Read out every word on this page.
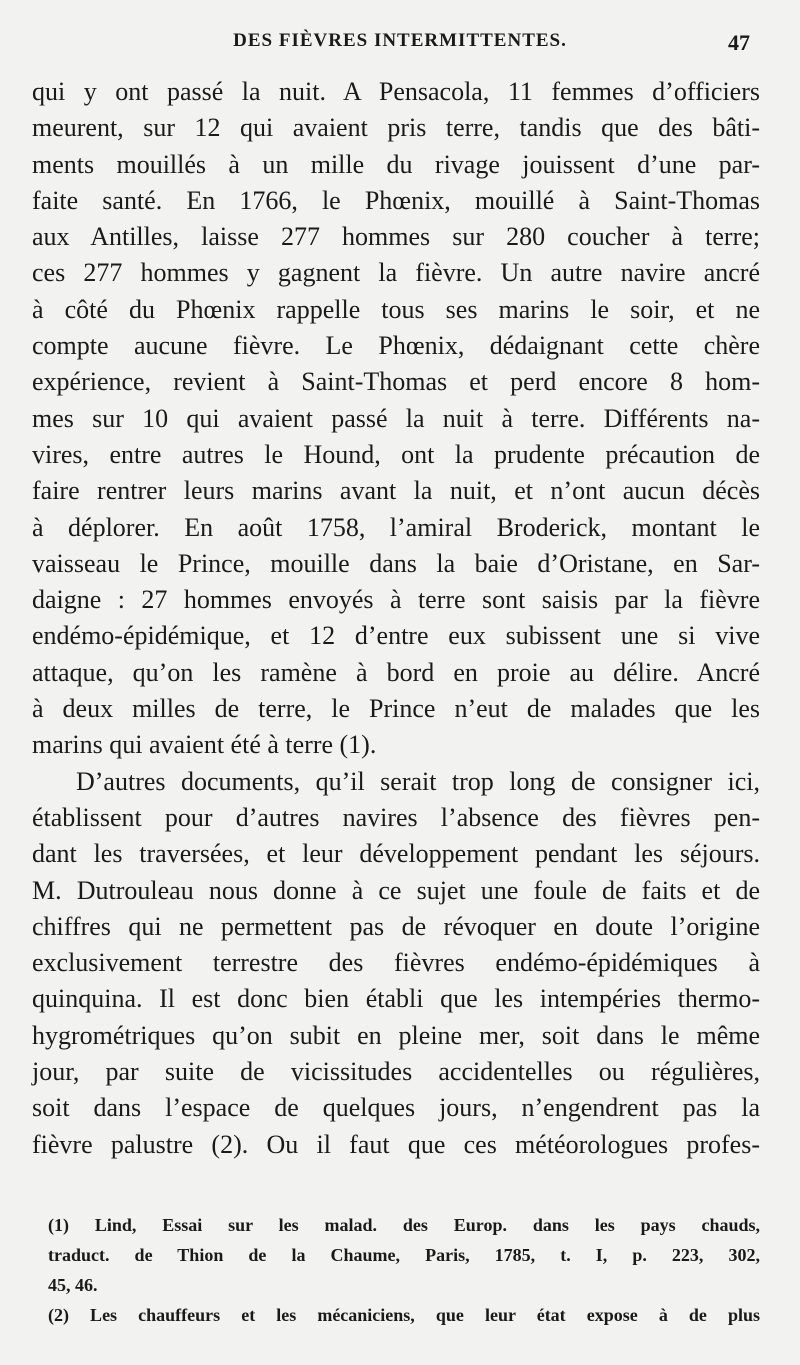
DES FIÈVRES INTERMITTENTES.	47
qui y ont passé la nuit. A Pensacola, 11 femmes d’officiers
meurent, sur 12 qui avaient pris terre, tandis que des bâti-
ments mouillés à un mille du rivage jouissent d’une par-
faite santé. En 1766, le Phœnix, mouillé à Saint-Thomas
aux Antilles, laisse 277 hommes sur 280 coucher à terre;
ces 277 hommes y gagnent la fièvre. Un autre navire ancré
à côté du Phœnix rappelle tous ses marins le soir, et ne
compte aucune fièvre. Le Phœnix, dédaignant cette chère
expérience, revient à Saint-Thomas et perd encore 8 hom-
mes sur 10 qui avaient passé la nuit à terre. Différents na-
vires, entre autres le Hound, ont la prudente précaution de
faire rentrer leurs marins avant la nuit, et n’ont aucun décès
à déplorer. En août 1758, l’amiral Broderick, montant le
vaisseau le Prince, mouille dans la baie d’Oristane, en Sar-
daigne : 27 hommes envoyés à terre sont saisis par la fièvre
endémo-épidémique, et 12 d’entre eux subissent une si vive
attaque, qu’on les ramène à bord en proie au délire. Ancré
à deux milles de terre, le Prince n’eut de malades que les
marins qui avaient été à terre (1).
D’autres documents, qu’il serait trop long de consigner ici,
établissent pour d’autres navires l’absence des fièvres pen-
dant les traversées, et leur développement pendant les séjours.
M. Dutrouleau nous donne à ce sujet une foule de faits et de
chiffres qui ne permettent pas de révoquer en doute l’origine
exclusivement terrestre des fièvres endémo-épidémiques à
quinquina. Il est donc bien établi que les intempéries thermo-
hygrométriques qu’on subit en pleine mer, soit dans le même
jour, par suite de vicissitudes accidentelles ou régulières,
soit dans l’espace de quelques jours, n’engendrent pas la
fièvre palustre (2). Ou il faut que ces météorologues profes-
(1) Lind, Essai sur les malad. des Europ. dans les pays chauds,
traduct. de Thion de la Chaume, Paris, 1785, t. I, p. 223, 302,
45, 46.
(2) Les chauffeurs et les mécaniciens, que leur état expose à de plus
